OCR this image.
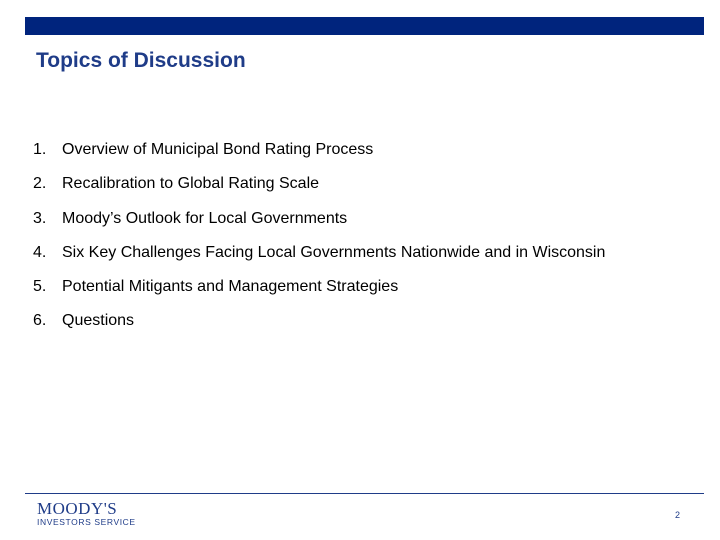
Topics of Discussion
1. Overview of Municipal Bond Rating Process
2. Recalibration to Global Rating Scale
3. Moody’s Outlook for Local Governments
4. Six Key Challenges Facing Local Governments Nationwide and in Wisconsin
5. Potential Mitigants and Management Strategies
6. Questions
MOODY'S
INVESTORS SERVICE
2
